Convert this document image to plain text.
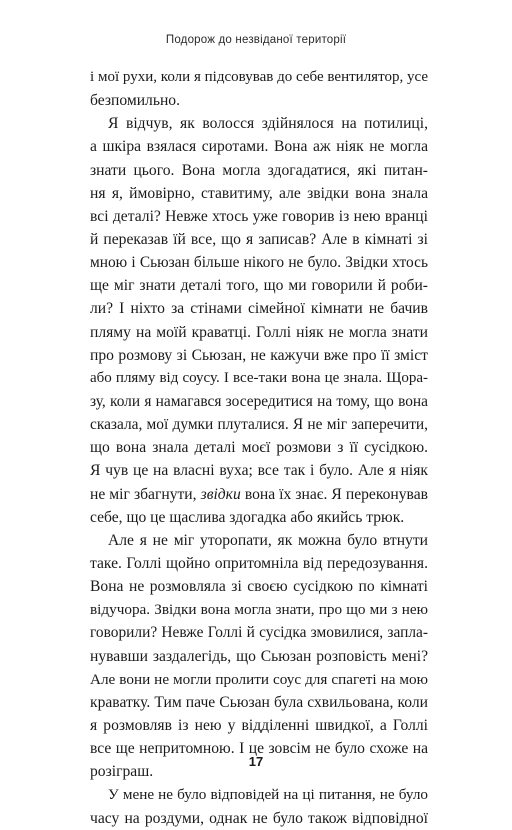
Подорож до незвіданої території
і мої рухи, коли я підсовував до себе вентилятор, усе
безпомильно.
Я відчув, як волосся здійнялося на потилиці,
а шкіра взялася сиротами. Вона аж ніяк не могла
знати цього. Вона могла здогадатися, які питан-
ня я, ймовірно, ставитиму, але звідки вона знала
всі деталі? Невже хтось уже говорив із нею вранці
й переказав їй все, що я записав? Але в кімнаті зі
мною і Сьюзан більше нікого не було. Звідки хтось
ще міг знати деталі того, що ми говорили й роби-
ли? І ніхто за стінами сімейної кімнати не бачив
пляму на моїй краватці. Голлі ніяк не могла знати
про розмову зі Сьюзан, не кажучи вже про її зміст
або пляму від соусу. І все-таки вона це знала. Щора-
зу, коли я намагався зосередитися на тому, що вона
сказала, мої думки плуталися. Я не міг заперечити,
що вона знала деталі моєї розмови з її сусідкою.
Я чув це на власні вуха; все так і було. Але я ніяк
не міг збагнути, звідки вона їх знає. Я переконував
себе, що це щаслива здогадка або якийсь трюк.
Але я не міг уторопати, як можна було втнути
таке. Голлі щойно опритомніла від передозування.
Вона не розмовляла зі своєю сусідкою по кімнаті
відучора. Звідки вона могла знати, про що ми з нею
говорили? Невже Голлі й сусідка змовилися, запла-
нувавши заздалегідь, що Сьюзан розповість мені?
Але вони не могли пролити соус для спагеті на мою
краватку. Тим паче Сьюзан була схвильована, коли
я розмовляв із нею у відділенні швидкої, а Голлі
все ще непритомною. І це зовсім не було схоже на
розіграш.
У мене не було відповідей на ці питання, не було
часу на роздуми, однак не було також відповідної
17
